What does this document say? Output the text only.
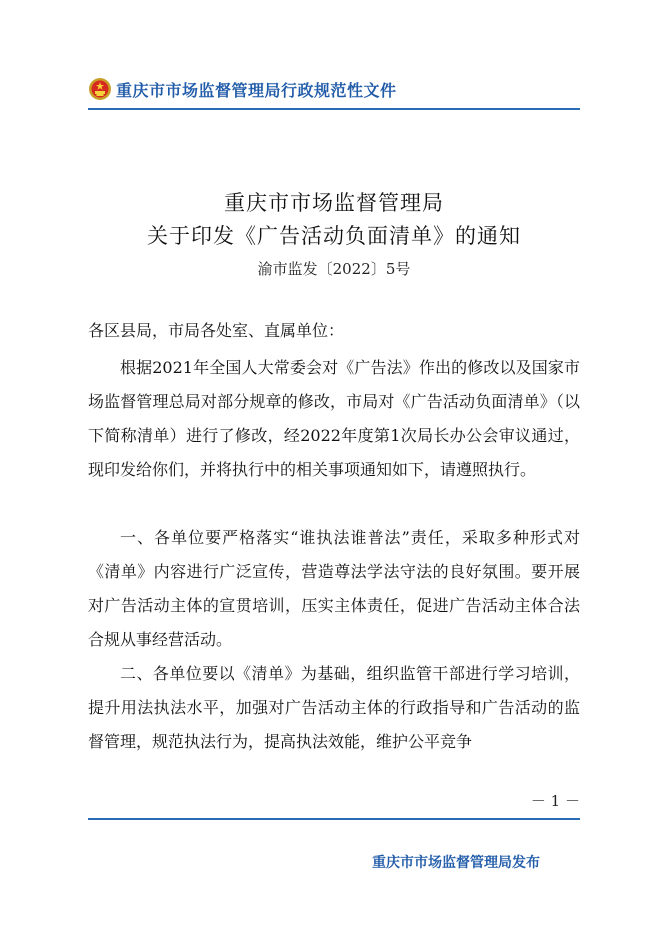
重庆市市场监督管理局行政规范性文件
重庆市市场监督管理局
关于印发《广告活动负面清单》的通知
渝市监发〔2022〕5号
各区县局，市局各处室、直属单位：
根据2021年全国人大常委会对《广告法》作出的修改以及国家市场监督管理总局对部分规章的修改，市局对《广告活动负面清单》（以下简称清单）进行了修改，经2022年度第1次局长办公会审议通过，现印发给你们，并将执行中的相关事项通知如下，请遵照执行。
一、各单位要严格落实“谁执法谁普法”责任，采取多种形式对《清单》内容进行广泛宣传，营造尊法学法守法的良好氛围。要开展对广告活动主体的宣贯培训，压实主体责任，促进广告活动主体合法合规从事经营活动。
二、各单位要以《清单》为基础，组织监管干部进行学习培训，提升用法执法水平，加强对广告活动主体的行政指导和广告活动的监督管理，规范执法行为，提高执法效能，维护公平竞争
－ 1 －
重庆市市场监督管理局发布
